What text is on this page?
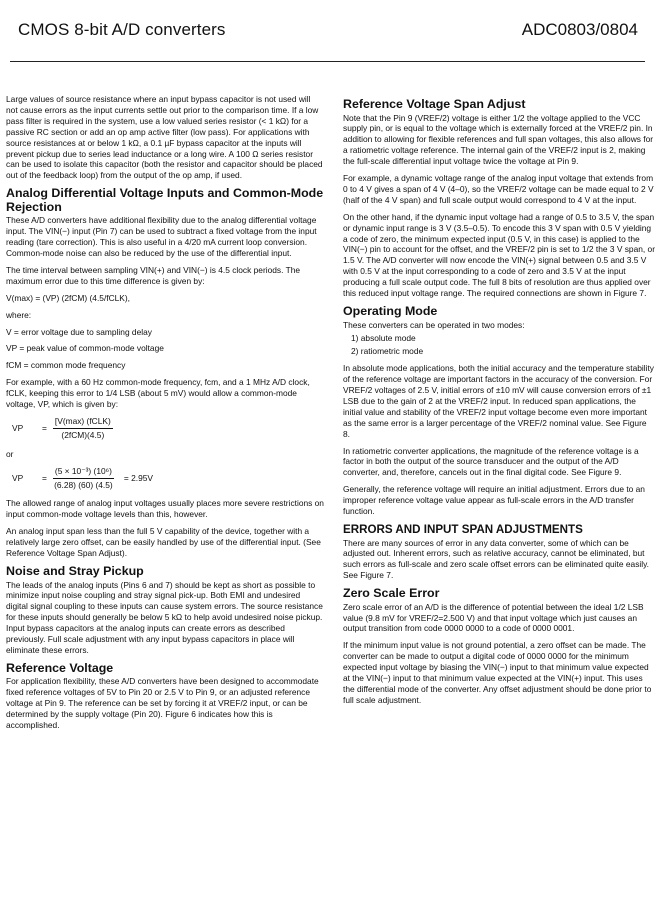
CMOS 8-bit A/D converters	ADC0803/0804

Large values of source resistance where an input bypass capacitor is not used will not cause errors as the input currents settle out prior to the comparison time. If a low pass filter is required in the system, use a low valued series resistor (< 1 kΩ) for a passive RC section or add an op amp active filter (low pass). For applications with source resistances at or below 1 kΩ, a 0.1 µF bypass capacitor at the inputs will prevent pickup due to series lead inductance or a long wire. A 100 Ω series resistor can be used to isolate this capacitor (both the resistor and capacitor should be placed out of the feedback loop) from the output of the op amp, if used.

Analog Differential Voltage Inputs and Common-Mode Rejection

These A/D converters have additional flexibility due to the analog differential voltage input. The VIN(−) input (Pin 7) can be used to subtract a fixed voltage from the input reading (tare correction). This is also useful in a 4/20 mA current loop conversion. Common-mode noise can also be reduced by the use of the differential input.

The time interval between sampling VIN(+) and VIN(−) is 4.5 clock periods. The maximum error due to this time difference is given by:

V(max) = (VP) (2fCM) (4.5/fCLK),

where:

V = error voltage due to sampling delay

VP = peak value of common-mode voltage

fCM = common mode frequency

For example, with a 60 Hz common-mode frequency, fcm, and a 1 MHz A/D clock, fCLK, keeping this error to 1/4 LSB (about 5 mV) would allow a common-mode voltage, VP, which is given by:

VP	= $\frac{\text{[V(max) (fCLK)}}{\text{(2fCM)(4.5)}}$

or

VP	= $\frac{\text{(5 × 10⁻³) (10⁶)}}{(6.28) (60) (4.5)} = 2.95V$

The allowed range of analog input voltages usually places more severe restrictions on input common-mode voltage levels than this, however.

An analog input span less than the full 5 V capability of the device, together with a relatively large zero offset, can be easily handled by use of the differential input. (See Reference Voltage Span Adjust).

Noise and Stray Pickup

The leads of the analog inputs (Pins 6 and 7) should be kept as short as possible to minimize input noise coupling and stray signal pick-up. Both EMI and undesired digital signal coupling to these inputs can cause system errors. The source resistance for these inputs should generally be below 5 kΩ to help avoid undesired noise pickup. Input bypass capacitors at the analog inputs can create errors as described previously. Full scale adjustment with any input bypass capacitors in place will eliminate these errors.

Reference Voltage

For application flexibility, these A/D converters have been designed to accommodate fixed reference voltages of 5V to Pin 20 or 2.5 V to Pin 9, or an adjusted reference voltage at Pin 9. The reference can be set by forcing it at VREF/2 input, or can be determined by the supply voltage (Pin 20). Figure 6 indicates how this is accomplished.

Reference Voltage Span Adjust

Note that the Pin 9 (VREF/2) voltage is either 1/2 the voltage applied to the VCC supply pin, or is equal to the voltage which is externally forced at the VREF/2 pin. In addition to allowing for flexible references and full span voltages, this also allows for a ratiometric voltage reference. The internal gain of the VREF/2 input is 2, making the full-scale differential input voltage twice the voltage at Pin 9.

For example, a dynamic voltage range of the analog input voltage that extends from 0 to 4 V gives a span of 4 V (4–0), so the VREF/2 voltage can be made equal to 2 V (half of the 4 V span) and full scale output would correspond to 4 V at the input.

On the other hand, if the dynamic input voltage had a range of 0.5 to 3.5 V, the span or dynamic input range is 3 V (3.5–0.5). To encode this 3 V span with 0.5 V yielding a code of zero, the minimum expected input (0.5 V, in this case) is applied to the VIN(−) pin to account for the offset, and the VREF/2 pin is set to 1/2 the 3 V span, or 1.5 V. The A/D converter will now encode the VIN(+) signal between 0.5 and 3.5 V with 0.5 V at the input corresponding to a code of zero and 3.5 V at the input producing a full scale output code. The full 8 bits of resolution are thus applied over this reduced input voltage range. The required connections are shown in Figure 7.

Operating Mode

These converters can be operated in two modes:

1) absolute mode
2) ratiometric mode

In absolute mode applications, both the initial accuracy and the temperature stability of the reference voltage are important factors in the accuracy of the conversion. For VREF/2 voltages of 2.5 V, initial errors of ±10 mV will cause conversion errors of ±1 LSB due to the gain of 2 at the VREF/2 input. In reduced span applications, the initial value and stability of the VREF/2 input voltage become even more important as the same error is a larger percentage of the VREF/2 nominal value. See Figure 8.

In ratiometric converter applications, the magnitude of the reference voltage is a factor in both the output of the source transducer and the output of the A/D converter, and, therefore, cancels out in the final digital code. See Figure 9.

Generally, the reference voltage will require an initial adjustment. Errors due to an improper reference voltage value appear as full-scale errors in the A/D transfer function.

ERRORS AND INPUT SPAN ADJUSTMENTS

There are many sources of error in any data converter, some of which can be adjusted out. Inherent errors, such as relative accuracy, cannot be eliminated, but such errors as full-scale and zero scale offset errors can be eliminated quite easily. See Figure 7.

Zero Scale Error

Zero scale error of an A/D is the difference of potential between the ideal 1/2 LSB value (9.8 mV for VREF/2=2.500 V) and that input voltage which just causes an output transition from code 0000 0000 to a code of 0000 0001.

If the minimum input value is not ground potential, a zero offset can be made. The converter can be made to output a digital code of 0000 0000 for the minimum expected input voltage by biasing the VIN(−) input to that minimum value expected at the VIN(−) input to that minimum value expected at the VIN(+) input. This uses the differential mode of the converter. Any offset adjustment should be done prior to full scale adjustment.
